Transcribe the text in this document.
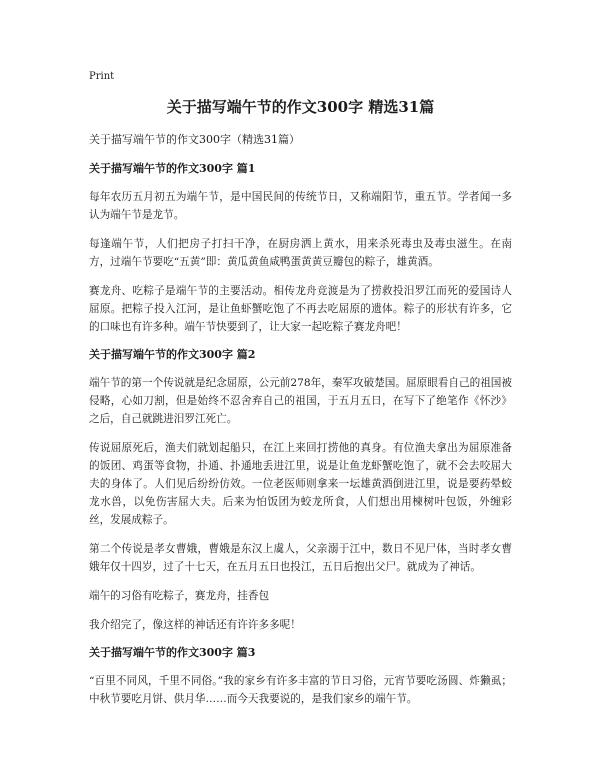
Print
关于描写端午节的作文300字 精选31篇

关于描写端午节的作文300字（精选31篇）

关于描写端午节的作文300字 篇1

每年农历五月初五为端午节，是中国民间的传统节日，又称端阳节，重五节。学者闻一多认为端午节是龙节。

每逢端午节，人们把房子打扫干净，在厨房洒上黄水，用来杀死毒虫及毒虫滋生。在南方，过端午节要吃“五黄”即：黄瓜黄鱼咸鸭蛋黄黄豆瓣包的粽子，雄黄酒。

赛龙舟、吃粽子是端午节的主要活动。相传龙舟竞渡是为了捞救投汨罗江而死的爱国诗人屈原。把粽子投入江河，是让鱼虾蟹吃饱了不再去吃屈原的遗体。粽子的形状有许多，它的口味也有许多种。端午节快要到了，让大家一起吃粽子赛龙舟吧！

关于描写端午节的作文300字 篇2

端午节的第一个传说就是纪念屈原，公元前278年，秦军攻破楚国。屈原眼看自己的祖国被侵略，心如刀割，但是始终不忍舍弃自己的祖国，于五月五日，在写下了绝笔作《怀沙》之后，自己就跳进汨罗江死亡。

传说屈原死后，渔夫们就划起船只，在江上来回打捞他的真身。有位渔夫拿出为屈原准备的饭团、鸡蛋等食物，扑通、扑通地丢进江里，说是让鱼龙虾蟹吃饱了，就不会去咬屈大夫的身体了。人们见后纷纷仿效。一位老医师则拿来一坛雄黄酒倒进江里，说是要药晕蛟龙水兽，以免伤害屈大夫。后来为怕饭团为蛟龙所食，人们想出用楝树叶包饭，外缠彩丝，发展成粽子。

第二个传说是孝女曹娥，曹娥是东汉上虞人，父亲溺于江中，数日不见尸体，当时孝女曹娥年仅十四岁，过了十七天，在五月五日也投江，五日后抱出父尸。就成为了神话。

端午的习俗有吃粽子，赛龙舟，挂香包

我介绍完了，像这样的神话还有许许多多呢！

关于描写端午节的作文300字 篇3

“百里不同风，千里不同俗。”我的家乡有许多丰富的节日习俗，元宵节要吃汤圆、炸獭虱；中秋节要吃月饼、供月华……而今天我要说的，是我们家乡的端午节。
